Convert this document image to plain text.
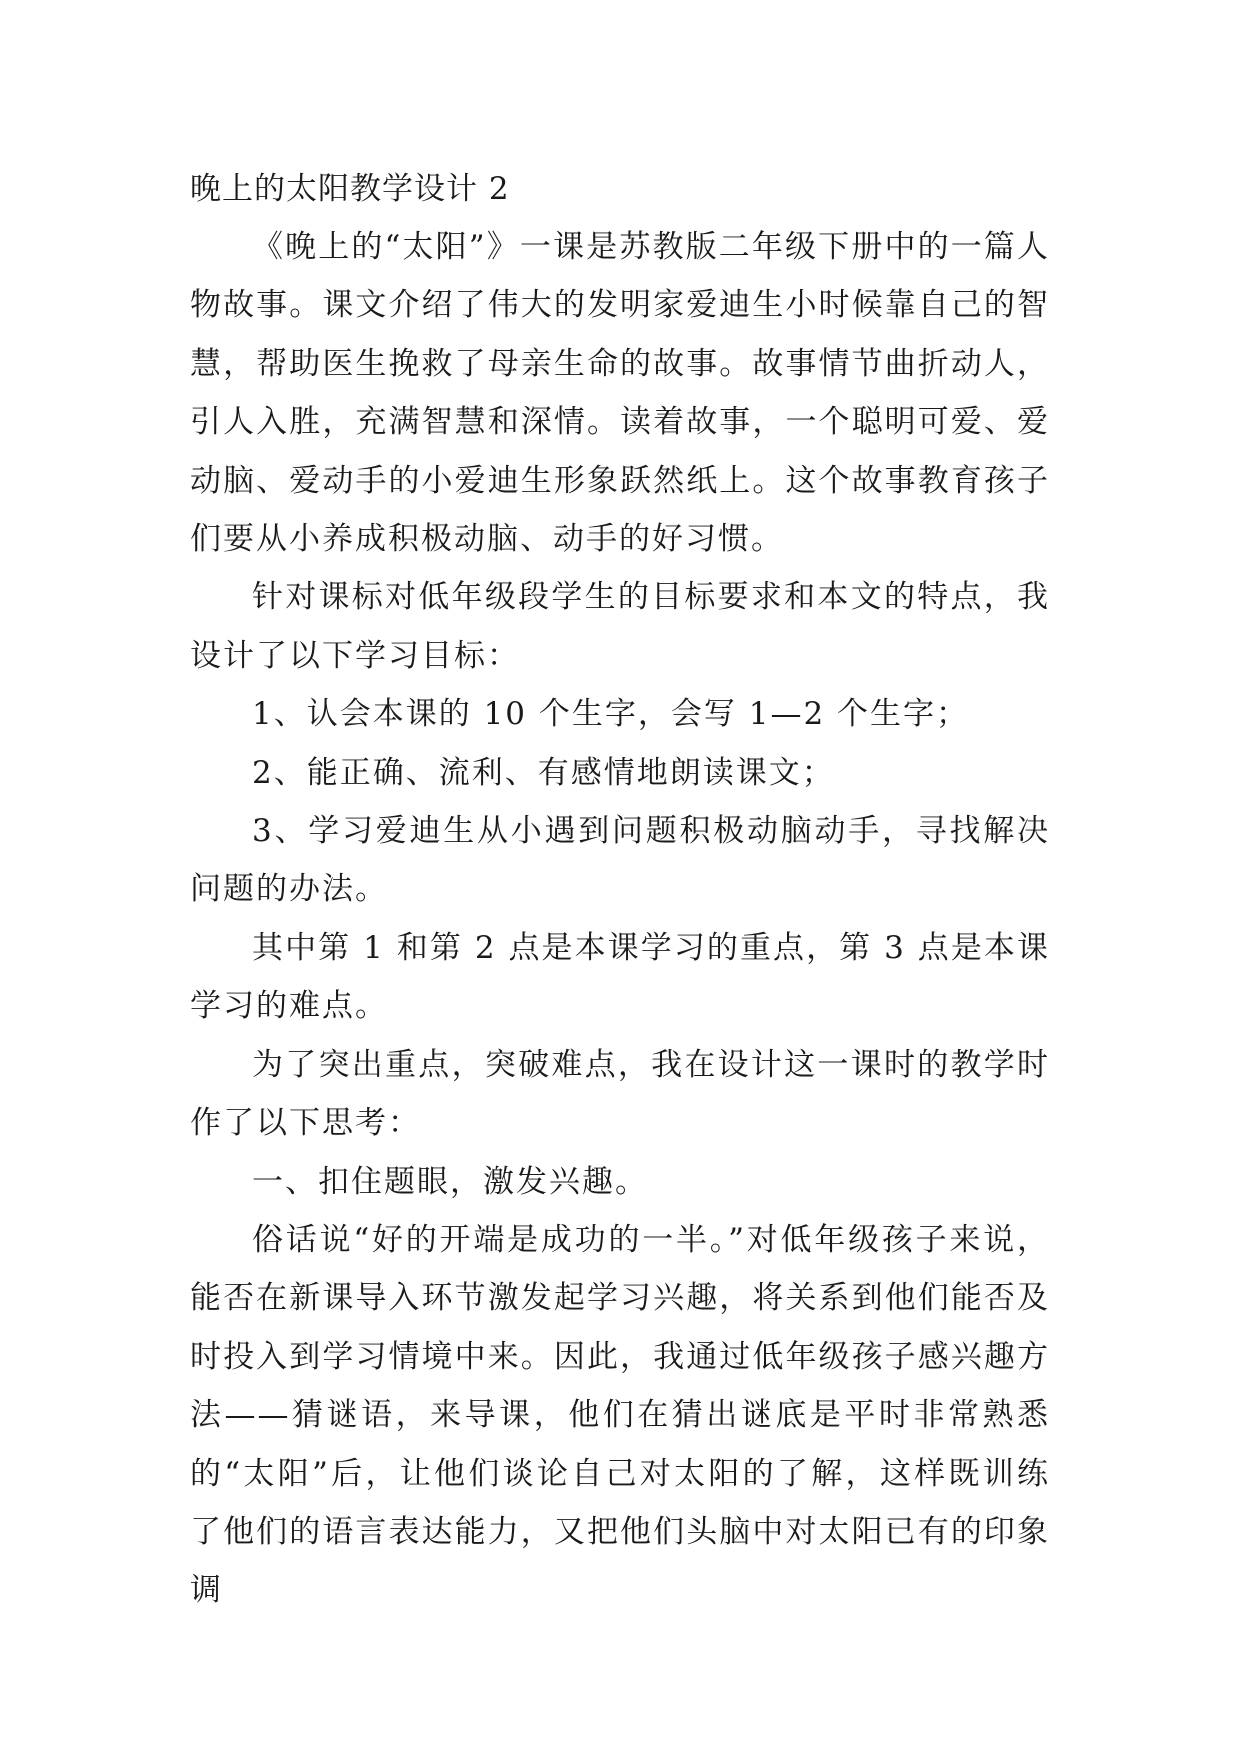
晚上的太阳教学设计 2

《晚上的“太阳”》一课是苏教版二年级下册中的一篇人物故事。课文介绍了伟大的发明家爱迪生小时候靠自己的智慧，帮助医生挽救了母亲生命的故事。故事情节曲折动人，引人入胜，充满智慧和深情。读着故事，一个聪明可爱、爱动脑、爱动手的小爱迪生形象跃然纸上。这个故事教育孩子们要从小养成积极动脑、动手的好习惯。

针对课标对低年级段学生的目标要求和本文的特点，我设计了以下学习目标：

1、认会本课的 10 个生字，会写 1—2 个生字；

2、能正确、流利、有感情地朗读课文；

3、学习爱迪生从小遇到问题积极动脑动手，寻找解决问题的办法。

其中第 1 和第 2 点是本课学习的重点，第 3 点是本课学习的难点。

为了突出重点，突破难点，我在设计这一课时的教学时作了以下思考：

一、扣住题眼，激发兴趣。

俗话说“好的开端是成功的一半。”对低年级孩子来说，能否在新课导入环节激发起学习兴趣，将关系到他们能否及时投入到学习情境中来。因此，我通过低年级孩子感兴趣方法——猜谜语，来导课，他们在猜出谜底是平时非常熟悉的“太阳”后，让他们谈论自己对太阳的了解，这样既训练了他们的语言表达能力，又把他们头脑中对太阳已有的印象调
